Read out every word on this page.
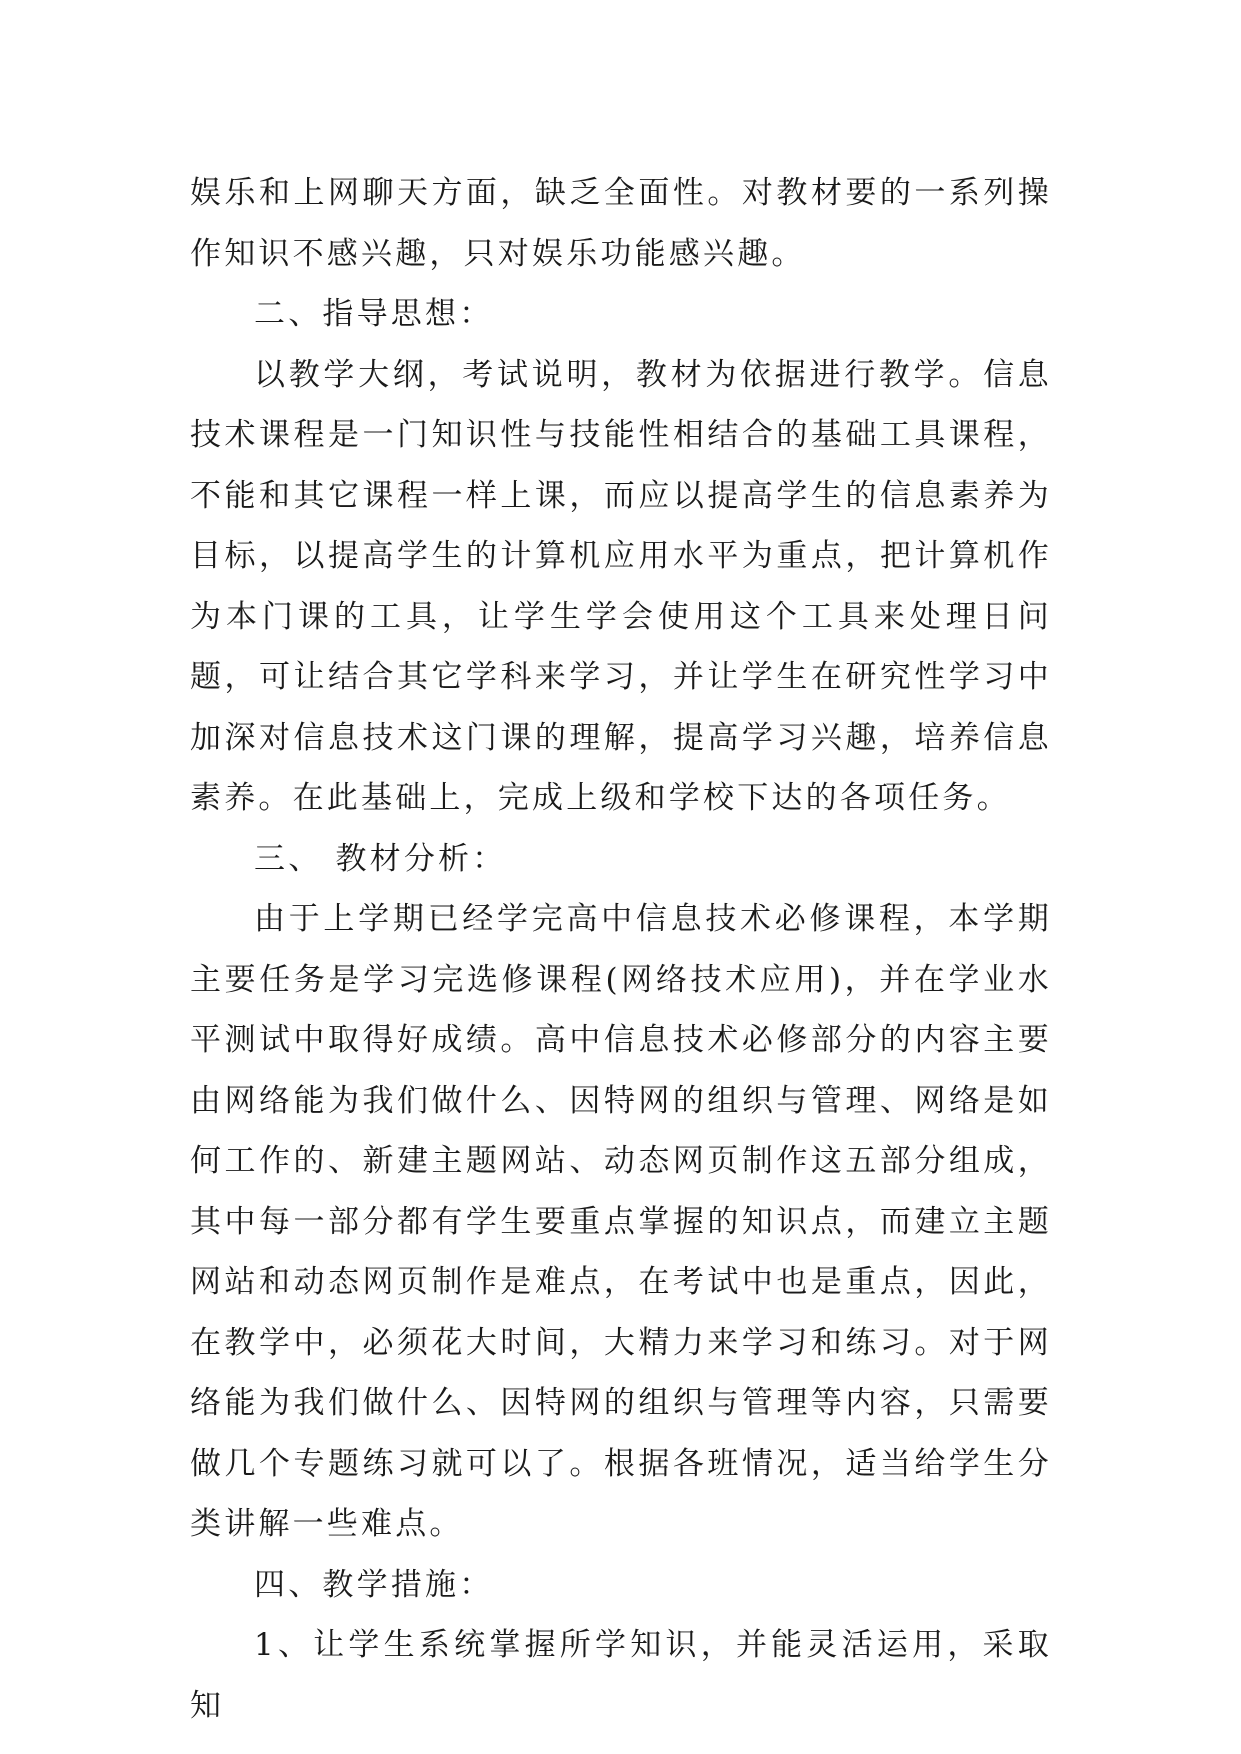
娱乐和上网聊天方面，缺乏全面性。对教材要的一系列操作知识不感兴趣，只对娱乐功能感兴趣。

二、指导思想：

以教学大纲，考试说明，教材为依据进行教学。信息技术课程是一门知识性与技能性相结合的基础工具课程，不能和其它课程一样上课，而应以提高学生的信息素养为目标，以提高学生的计算机应用水平为重点，把计算机作为本门课的工具，让学生学会使用这个工具来处理日问题，可让结合其它学科来学习，并让学生在研究性学习中加深对信息技术这门课的理解，提高学习兴趣，培养信息素养。在此基础上，完成上级和学校下达的各项任务。

三、 教材分析：

由于上学期已经学完高中信息技术必修课程，本学期主要任务是学习完选修课程(网络技术应用)，并在学业水平测试中取得好成绩。高中信息技术必修部分的内容主要由网络能为我们做什么、因特网的组织与管理、网络是如何工作的、新建主题网站、动态网页制作这五部分组成，其中每一部分都有学生要重点掌握的知识点，而建立主题网站和动态网页制作是难点，在考试中也是重点，因此，在教学中，必须花大时间，大精力来学习和练习。对于网络能为我们做什么、因特网的组织与管理等内容，只需要做几个专题练习就可以了。根据各班情况，适当给学生分类讲解一些难点。

四、教学措施：

1、让学生系统掌握所学知识，并能灵活运用，采取知
